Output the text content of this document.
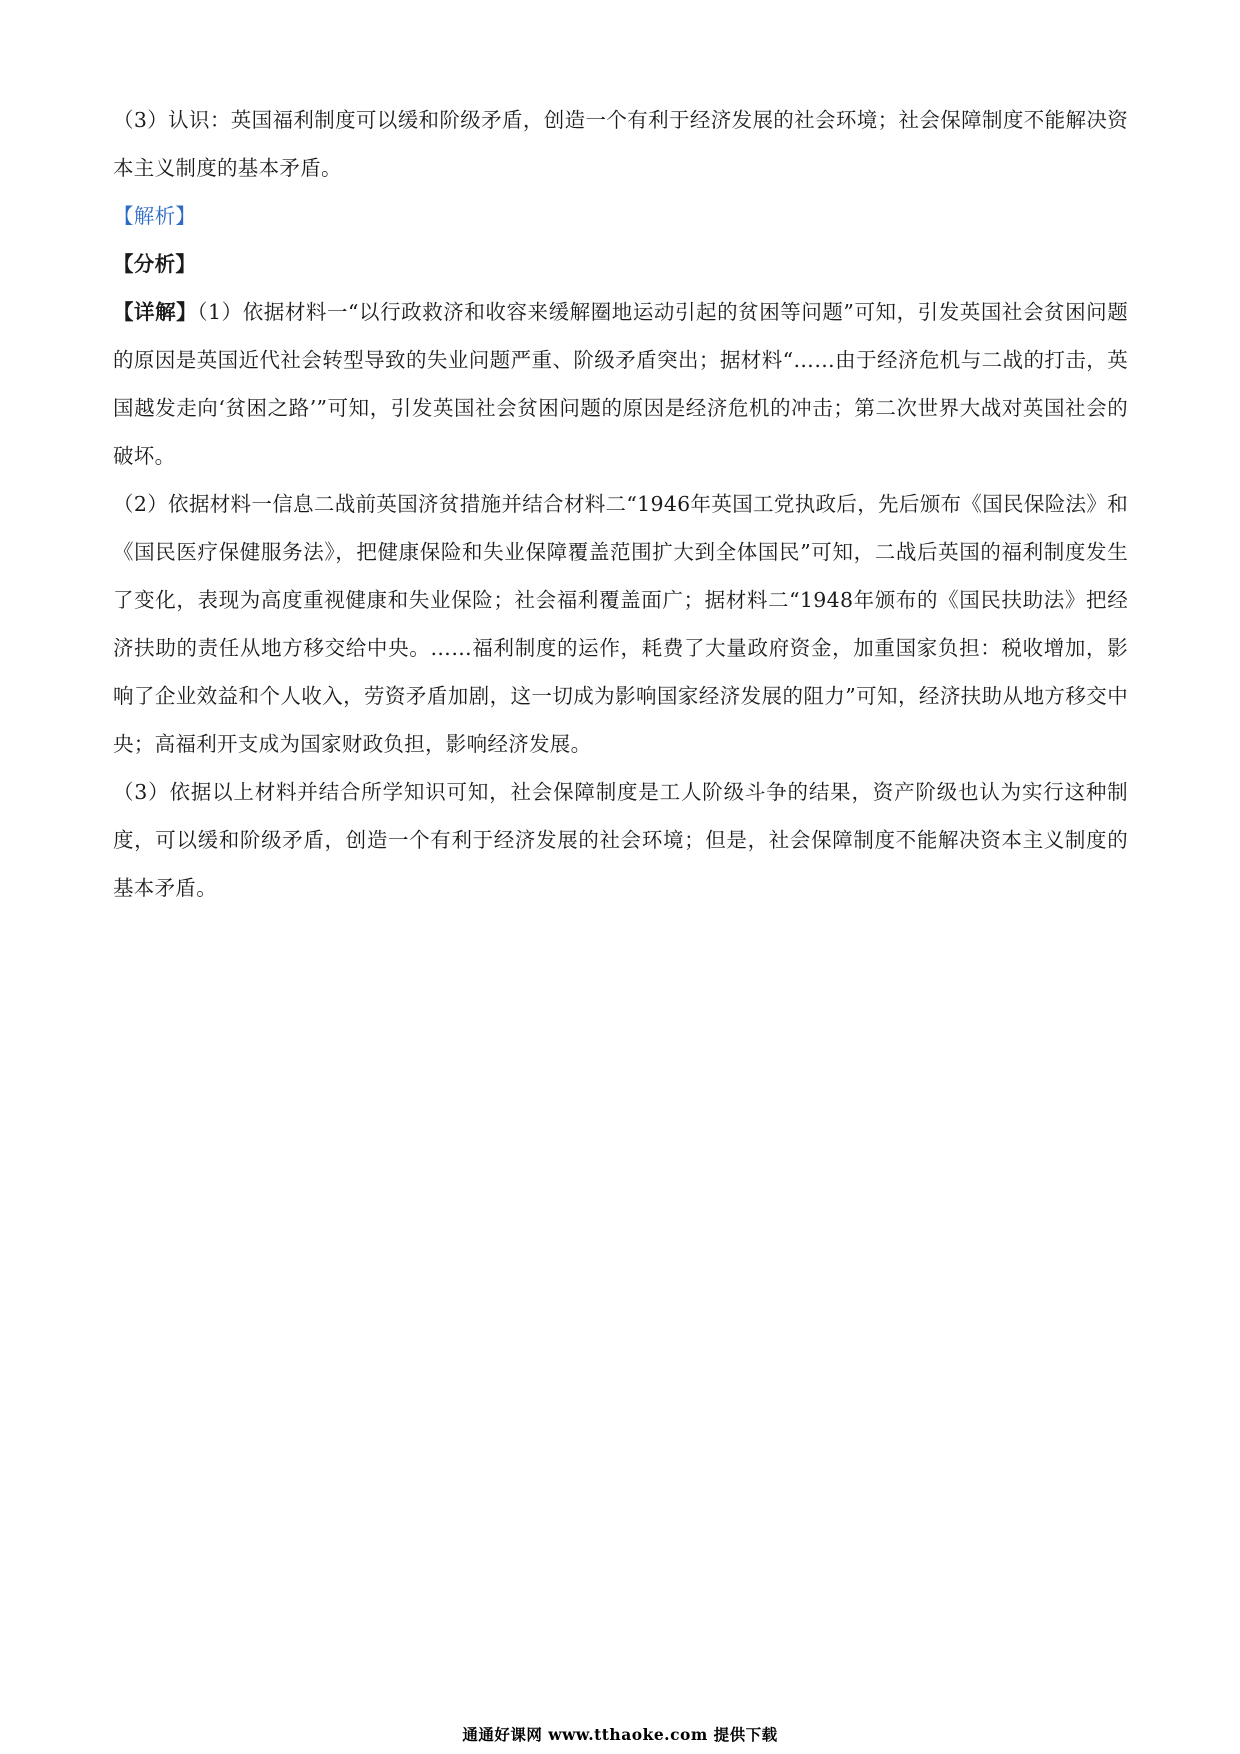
（3）认识：英国福利制度可以缓和阶级矛盾，创造一个有利于经济发展的社会环境；社会保障制度不能解决资本主义制度的基本矛盾。

【解析】

【分析】

【详解】（1）依据材料一“以行政救济和收容来缓解圈地运动引起的贫困等问题”可知，引发英国社会贫困问题的原因是英国近代社会转型导致的失业问题严重、阶级矛盾突出；据材料“……由于经济危机与二战的打击，英国越发走向‘贫困之路’”可知，引发英国社会贫困问题的原因是经济危机的冲击；第二次世界大战对英国社会的破坏。

（2）依据材料一信息二战前英国济贫措施并结合材料二“1946年英国工党执政后，先后颁布《国民保险法》和《国民医疗保健服务法》，把健康保险和失业保障覆盖范围扩大到全体国民”可知，二战后英国的福利制度发生了变化，表现为高度重视健康和失业保险；社会福利覆盖面广；据材料二“1948年颁布的《国民扶助法》把经济扶助的责任从地方移交给中央。……福利制度的运作，耗费了大量政府资金，加重国家负担：税收增加，影响了企业效益和个人收入，劳资矛盾加剧，这一切成为影响国家经济发展的阻力”可知，经济扶助从地方移交中央；高福利开支成为国家财政负担，影响经济发展。

（3）依据以上材料并结合所学知识可知，社会保障制度是工人阶级斗争的结果，资产阶级也认为实行这种制度，可以缓和阶级矛盾，创造一个有利于经济发展的社会环境；但是，社会保障制度不能解决资本主义制度的基本矛盾。

通通好课网 www.tthaoke.com 提供下载
